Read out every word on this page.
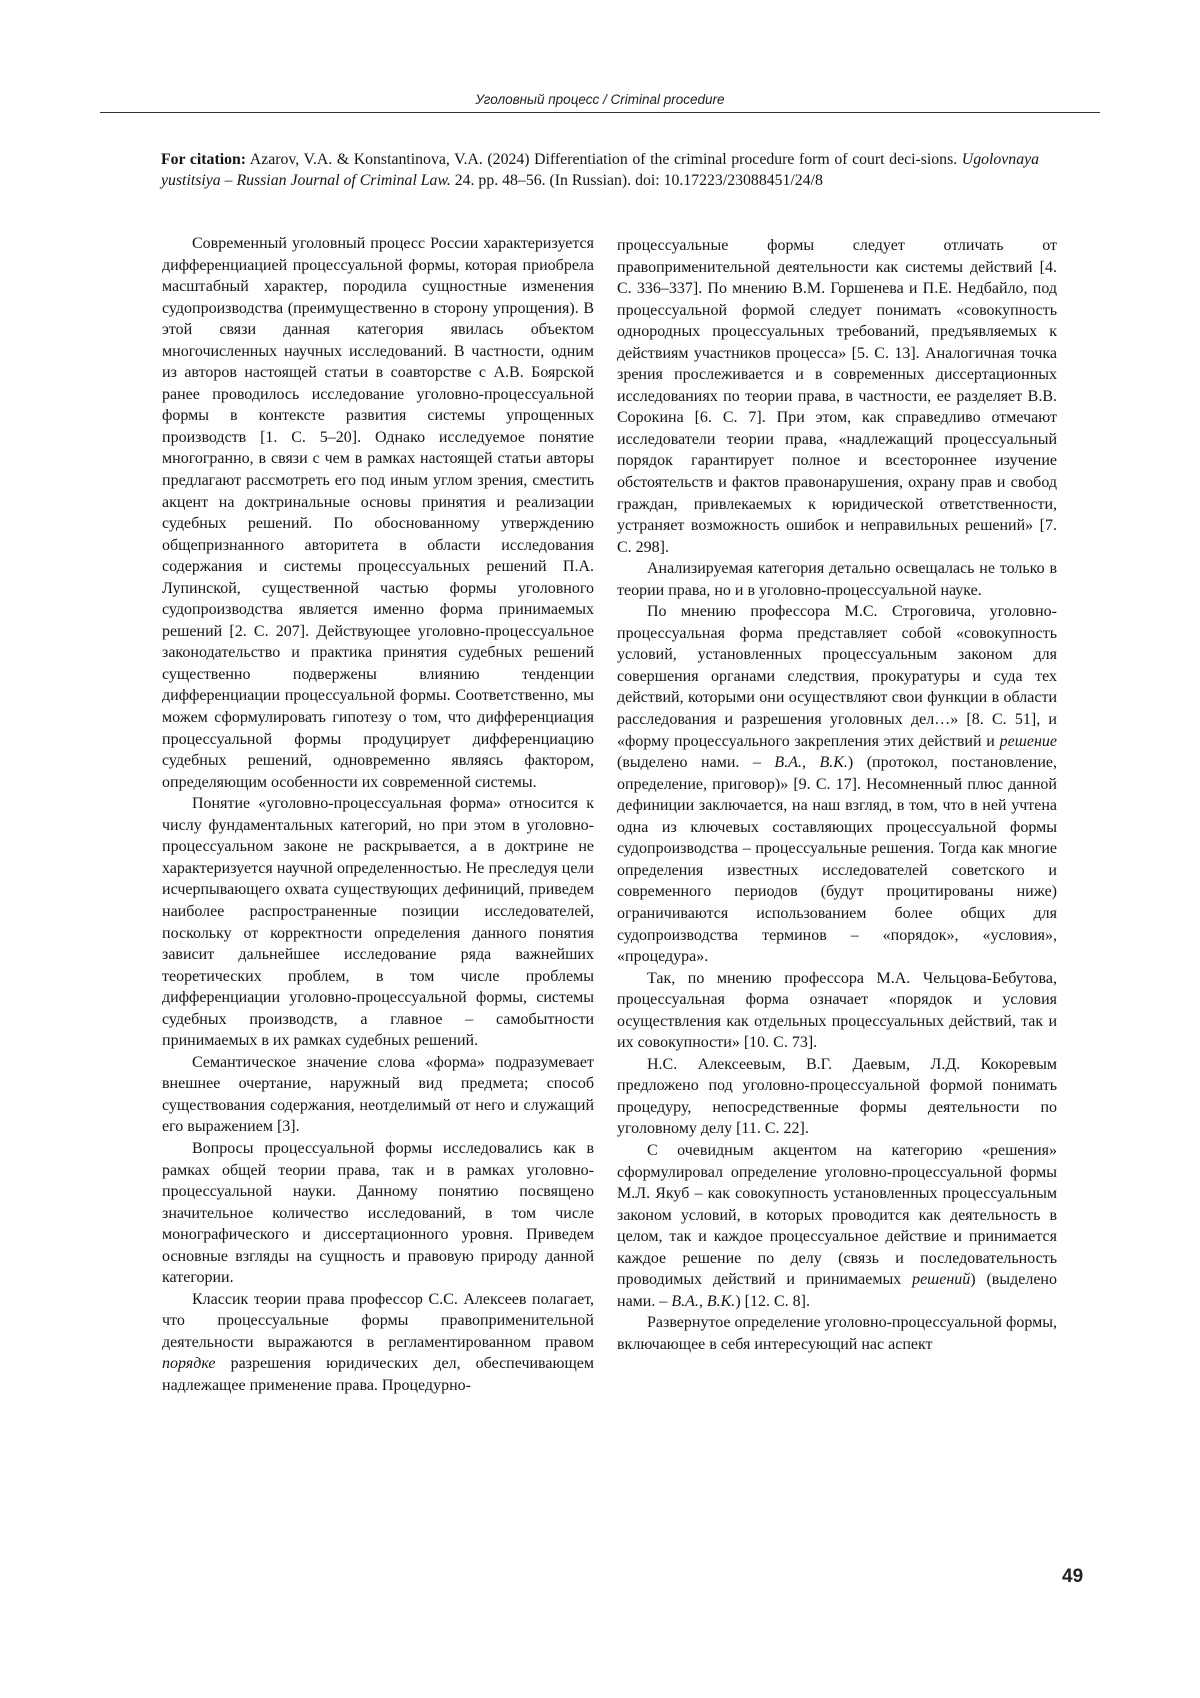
Уголовный процесс / Criminal procedure
For citation: Azarov, V.A. & Konstantinova, V.A. (2024) Differentiation of the criminal procedure form of court deci-sions. Ugolovnaya yustitsiya – Russian Journal of Criminal Law. 24. pp. 48–56. (In Russian). doi: 10.17223/23088451/24/8

Современный уголовный процесс России характеризуется дифференциацией процессуальной формы, которая приобрела масштабный характер, породила сущностные изменения судопроизводства (преимущественно в сторону упрощения). В этой связи данная категория явилась объектом многочисленных научных исследований. В частности, одним из авторов настоящей статьи в соавторстве с А.В. Боярской ранее проводилось исследование уголовно-процессуальной формы в контексте развития системы упрощенных производств [1. С. 5–20]. Однако исследуемое понятие многогранно, в связи с чем в рамках настоящей статьи авторы предлагают рассмотреть его под иным углом зрения, сместить акцент на доктринальные основы принятия и реализации судебных решений. По обоснованному утверждению общепризнанного авторитета в области исследования содержания и системы процессуальных решений П.А. Лупинской, существенной частью формы уголовного судопроизводства является именно форма принимаемых решений [2. С. 207]. Действующее уголовно-процессуальное законодательство и практика принятия судебных решений существенно подвержены влиянию тенденции дифференциации процессуальной формы. Соответственно, мы можем сформулировать гипотезу о том, что дифференциация процессуальной формы продуцирует дифференциацию судебных решений, одновременно являясь фактором, определяющим особенности их современной системы.

Понятие «уголовно-процессуальная форма» относится к числу фундаментальных категорий, но при этом в уголовно-процессуальном законе не раскрывается, а в доктрине не характеризуется научной определенностью. Не преследуя цели исчерпывающего охвата существующих дефиниций, приведем наиболее распространенные позиции исследователей, поскольку от корректности определения данного понятия зависит дальнейшее исследование ряда важнейших теоретических проблем, в том числе проблемы дифференциации уголовно-процессуальной формы, системы судебных производств, а главное – самобытности принимаемых в их рамках судебных решений.

Семантическое значение слова «форма» подразумевает внешнее очертание, наружный вид предмета; способ существования содержания, неотделимый от него и служащий его выражением [3].

Вопросы процессуальной формы исследовались как в рамках общей теории права, так и в рамках уголовно-процессуальной науки. Данному понятию посвящено значительное количество исследований, в том числе монографического и диссертационного уровня. Приведем основные взгляды на сущность и правовую природу данной категории.

Классик теории права профессор С.С. Алексеев полагает, что процессуальные формы правоприменительной деятельности выражаются в регламентированном правом порядке разрешения юридических дел, обеспечивающем надлежащее применение права. Процедурно-

процессуальные формы следует отличать от правоприменительной деятельности как системы действий [4. С. 336–337]. По мнению В.М. Горшенева и П.Е. Недбайло, под процессуальной формой следует понимать «совокупность однородных процессуальных требований, предъявляемых к действиям участников процесса» [5. С. 13]. Аналогичная точка зрения прослеживается и в современных диссертационных исследованиях по теории права, в частности, ее разделяет В.В. Сорокина [6. С. 7]. При этом, как справедливо отмечают исследователи теории права, «надлежащий процессуальный порядок гарантирует полное и всестороннее изучение обстоятельств и фактов правонарушения, охрану прав и свобод граждан, привлекаемых к юридической ответственности, устраняет возможность ошибок и неправильных решений» [7. С. 298].

Анализируемая категория детально освещалась не только в теории права, но и в уголовно-процессуальной науке.

По мнению профессора М.С. Строговича, уголовно-процессуальная форма представляет собой «совокупность условий, установленных процессуальным законом для совершения органами следствия, прокуратуры и суда тех действий, которыми они осуществляют свои функции в области расследования и разрешения уголовных дел…» [8. С. 51], и «форму процессуального закрепления этих действий и решение (выделено нами. – В.А., В.К.) (протокол, постановление, определение, приговор)» [9. С. 17]. Несомненный плюс данной дефиниции заключается, на наш взгляд, в том, что в ней учтена одна из ключевых составляющих процессуальной формы судопроизводства – процессуальные решения. Тогда как многие определения известных исследователей советского и современного периодов (будут процитированы ниже) ограничиваются использованием более общих для судопроизводства терминов – «порядок», «условия», «процедура».

Так, по мнению профессора М.А. Чельцова-Бебутова, процессуальная форма означает «порядок и условия осуществления как отдельных процессуальных действий, так и их совокупности» [10. С. 73].

Н.С. Алексеевым, В.Г. Даевым, Л.Д. Кокоревым предложено под уголовно-процессуальной формой понимать процедуру, непосредственные формы деятельности по уголовному делу [11. С. 22].

С очевидным акцентом на категорию «решения» сформулировал определение уголовно-процессуальной формы М.Л. Якуб – как совокупность установленных процессуальным законом условий, в которых проводится как деятельность в целом, так и каждое процессуальное действие и принимается каждое решение по делу (связь и последовательность проводимых действий и принимаемых решений) (выделено нами. – В.А., В.К.) [12. С. 8].

Развернутое определение уголовно-процессуальной формы, включающее в себя интересующий нас аспект

49
